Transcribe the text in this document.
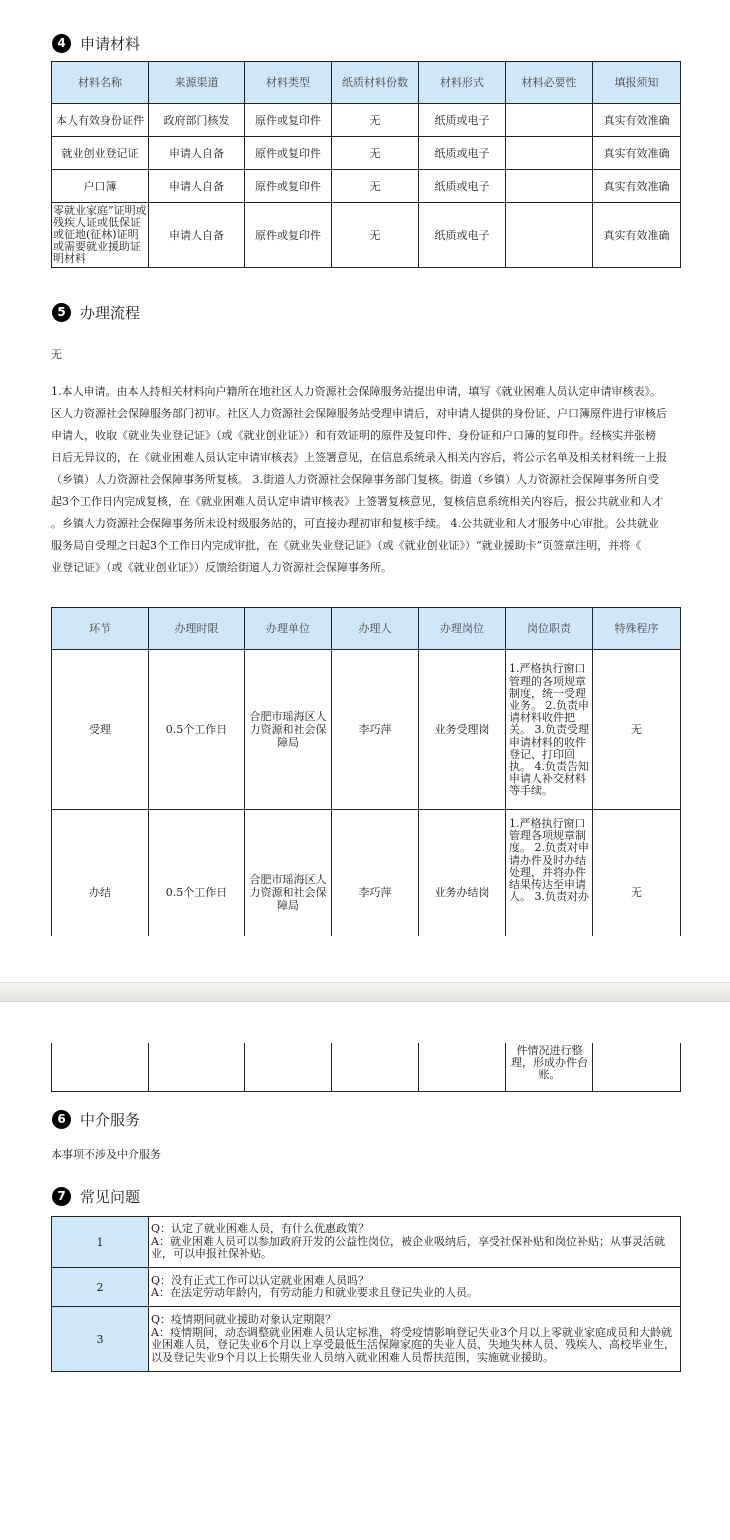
4 申请材料
材料名称	来源渠道	材料类型	纸质材料份数	材料形式	材料必要性	填报须知
本人有效身份证件	政府部门核发	原件或复印件	无	纸质或电子		真实有效准确
就业创业登记证	申请人自备	原件或复印件	无	纸质或电子		真实有效准确
户口簿	申请人自备	原件或复印件	无	纸质或电子		真实有效准确
零就业家庭”证明或残疾人证或低保证或征地(征林)证明或需要就业援助证明材料	申请人自备	原件或复印件	无	纸质或电子		真实有效准确
5 办理流程
无
1.本人申请。由本人持相关材料向户籍所在地社区人力资源社会保障服务站提出申请，填写《就业困难人员认定申请审核表》。
区人力资源社会保障服务部门初审。社区人力资源社会保障服务站受理申请后，对申请人提供的身份证、户口簿原件进行审核后
申请人，收取《就业失业登记证》（或《就业创业证》）和有效证明的原件及复印件、身份证和户口簿的复印件。经核实并张榜
日后无异议的，在《就业困难人员认定申请审核表》上签署意见，在信息系统录入相关内容后，将公示名单及相关材料统一上报
（乡镇）人力资源社会保障事务所复核。 3.街道人力资源社会保障事务部门复核。街道（乡镇）人力资源社会保障事务所自受
起3个工作日内完成复核，在《就业困难人员认定申请审核表》上签署复核意见，复核信息系统相关内容后，报公共就业和人才
。乡镇人力资源社会保障事务所未设村级服务站的，可直接办理初审和复核手续。 4.公共就业和人才服务中心审批。公共就业
服务局自受理之日起3个工作日内完成审批，在《就业失业登记证》（或《就业创业证》）“就业援助卡”页签章注明，并将《
业登记证》（或《就业创业证》）反馈给街道人力资源社会保障事务所。
环节	办理时限	办理单位	办理人	办理岗位	岗位职责	特殊程序
受理	0.5个工作日	合肥市瑶海区人力资源和社会保障局	李巧萍	业务受理岗	1.严格执行窗口管理的各项规章制度，统一受理业务。 2.负责申请材料收件把关。 3.负责受理申请材料的收件登记、打印回执。 4.负责告知申请人补交材料等手续。	无
办结	0.5个工作日	合肥市瑶海区人力资源和社会保障局	李巧萍	业务办结岗	1.严格执行窗口管理各项规章制度。 2.负责对申请办件及时办结处理，并将办件结果传达至申请人。 3.负责对办	无
					件情况进行整理，形成办件台账。	
6 中介服务
本事项不涉及中介服务
7 常见问题
1	Q：认定了就业困难人员，有什么优惠政策？
A：就业困难人员可以参加政府开发的公益性岗位，被企业吸纳后，享受社保补贴和岗位补贴；从事灵活就业，可以申报社保补贴。

2	Q：没有正式工作可以认定就业困难人员吗？
A：在法定劳动年龄内，有劳动能力和就业要求且登记失业的人员。

3	Q：疫情期间就业援助对象认定期限？
A：疫情期间，动态调整就业困难人员认定标准，将受疫情影响登记失业3个月以上零就业家庭成员和大龄就业困难人员，登记失业6个月以上享受最低生活保障家庭的失业人员、失地失林人员、残疾人、高校毕业生，以及登记失业9个月以上长期失业人员纳入就业困难人员帮扶范围，实施就业援助。
